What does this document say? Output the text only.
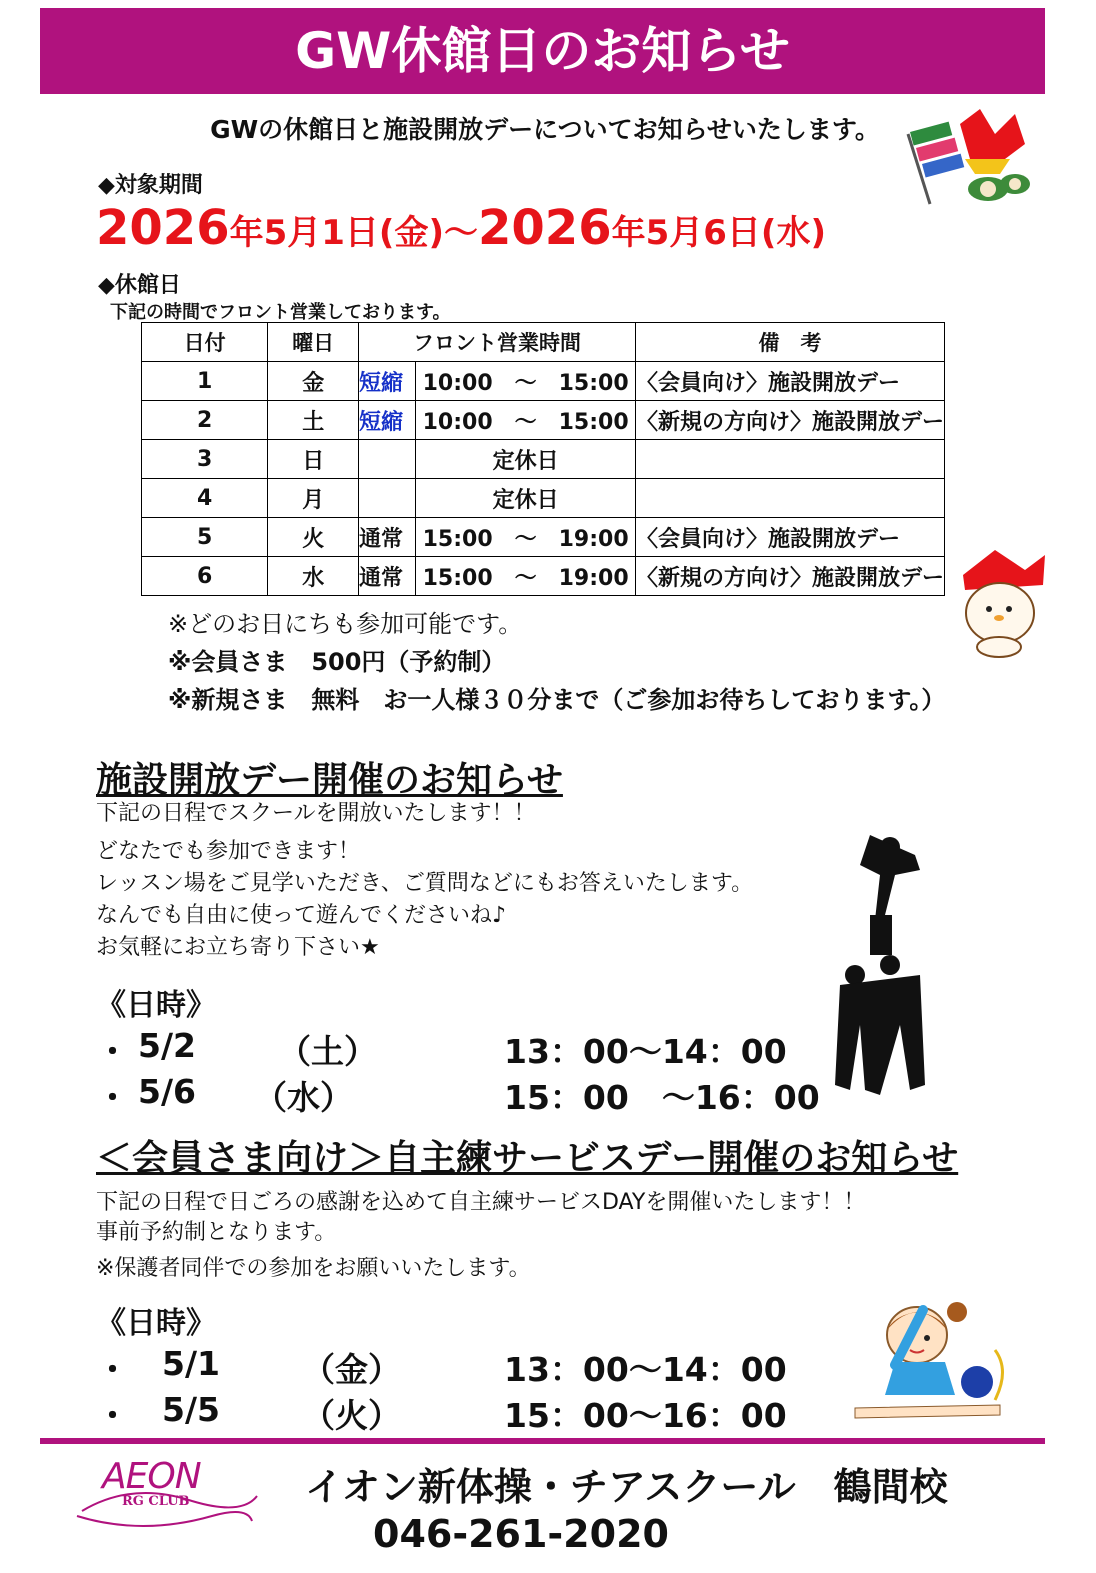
GW休館日のお知らせ
GWの休館日と施設開放デーについてお知らせいたします。
◆対象期間
2026年5月1日(金)～2026年5月6日(水)
◆休館日
下記の時間でフロント営業しております。
日付	曜日	フロント営業時間		備　考
1	金	短縮	10:00　～　15:00	〈会員向け〉施設開放デー
2	土	短縮	10:00　～　15:00	〈新規の方向け〉施設開放デー
3	日		定休日	
4	月		定休日	
5	火	通常	15:00　～　19:00	〈会員向け〉施設開放デー
6	水	通常	15:00　～　19:00	〈新規の方向け〉施設開放デー
※どのお日にちも参加可能です。
※会員さま　500円（予約制）
※新規さま　無料　お一人様３０分まで（ご参加お待ちしております。）
施設開放デー開催のお知らせ
下記の日程でスクールを開放いたします！！
どなたでも参加できます！
レッスン場をご見学いただき、ご質問などにもお答えいたします。
なんでも自由に使って遊んでくださいね♪
お気軽にお立ち寄り下さい★
《日時》
・ 5/2 （土）	13：00～14：00
・ 5/6 （水）	15：00　～16：00
＜会員さま向け＞自主練サービスデー開催のお知らせ
下記の日程で日ごろの感謝を込めて自主練サービスDAYを開催いたします！！
事前予約制となります。
※保護者同伴での参加をお願いいたします。
《日時》
・ 5/1 （金）	13：00～14：00
・ 5/5 （火）	15：00～16：00
AEON
RG CLUB	イオン新体操・チアスクール　鶴間校
046-261-2020
